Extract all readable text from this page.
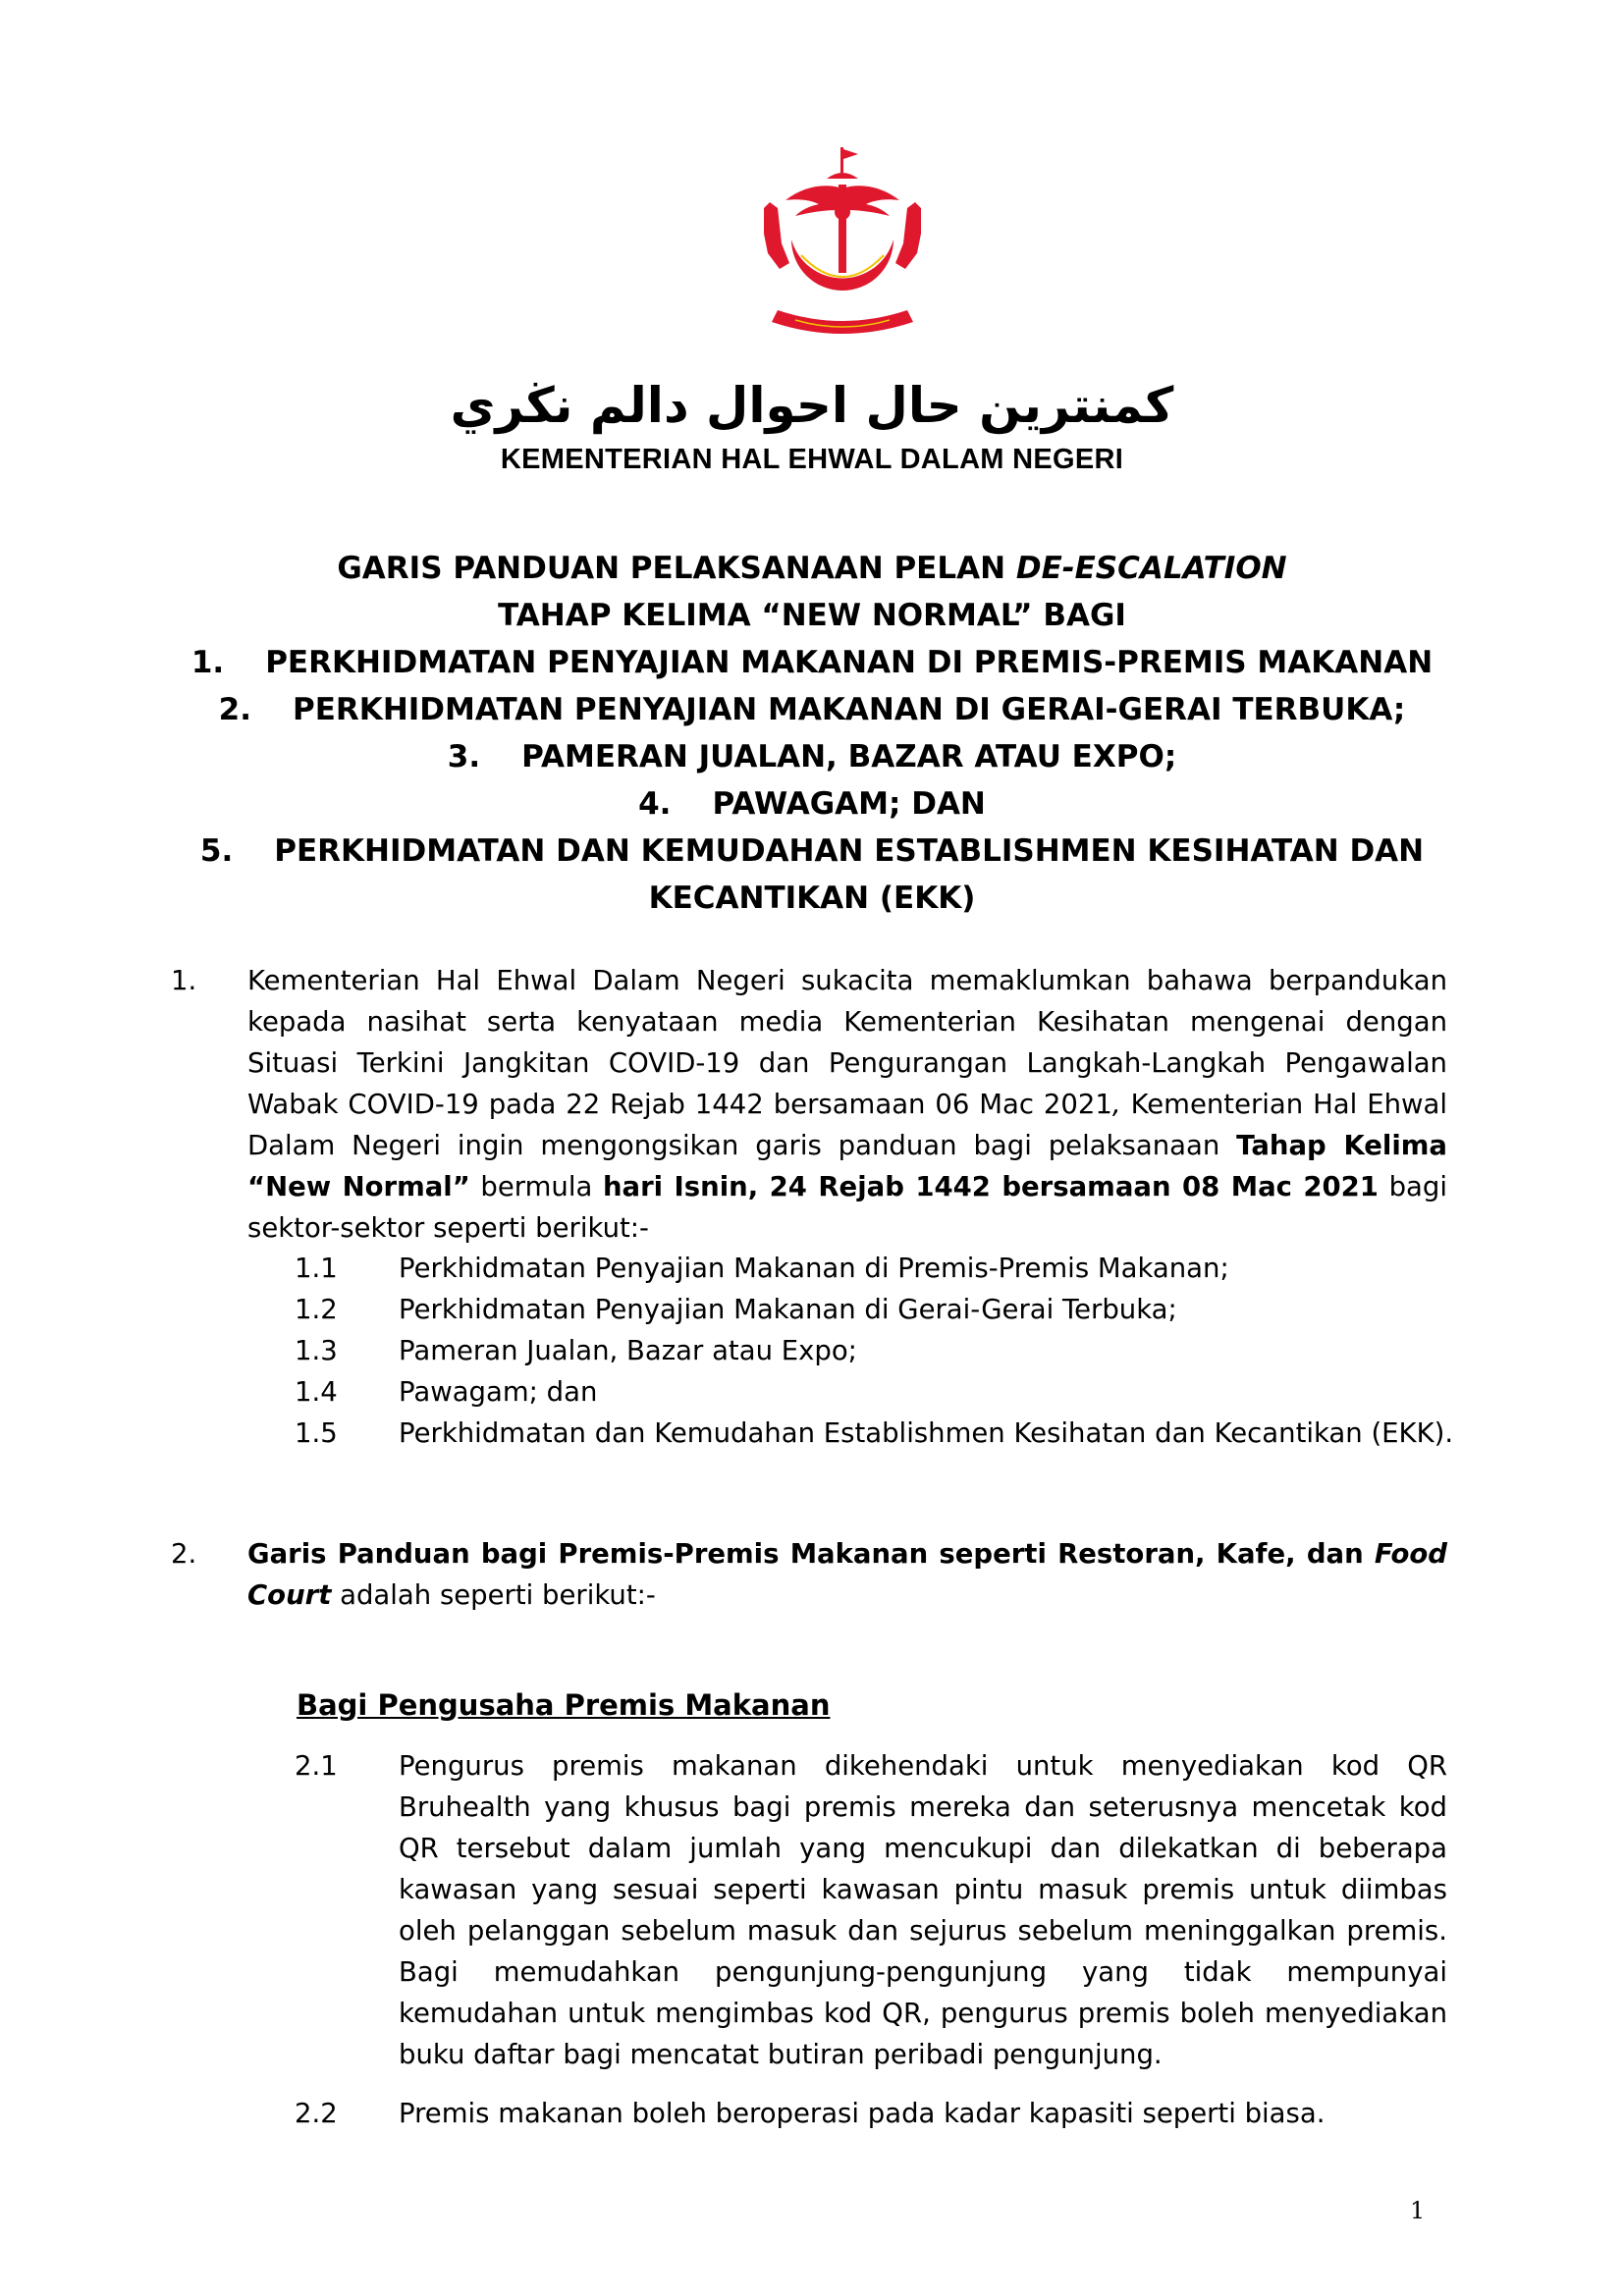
كمنترين حال احوال دالم نڬري
KEMENTERIAN HAL EHWAL DALAM NEGERI
GARIS PANDUAN PELAKSANAAN PELAN DE-ESCALATION
TAHAP KELIMA “NEW NORMAL” BAGI
1. PERKHIDMATAN PENYAJIAN MAKANAN DI PREMIS-PREMIS MAKANAN
2. PERKHIDMATAN PENYAJIAN MAKANAN DI GERAI-GERAI TERBUKA;
3. PAMERAN JUALAN, BAZAR ATAU EXPO;
4. PAWAGAM; DAN
5. PERKHIDMATAN DAN KEMUDAHAN ESTABLISHMEN KESIHATAN DAN
KECANTIKAN (EKK)
1. Kementerian Hal Ehwal Dalam Negeri sukacita memaklumkan bahawa berpandukan kepada nasihat serta kenyataan media Kementerian Kesihatan mengenai dengan Situasi Terkini Jangkitan COVID-19 dan Pengurangan Langkah-Langkah Pengawalan Wabak COVID-19 pada 22 Rejab 1442 bersamaan 06 Mac 2021, Kementerian Hal Ehwal Dalam Negeri ingin mengongsikan garis panduan bagi pelaksanaan Tahap Kelima “New Normal” bermula hari Isnin, 24 Rejab 1442 bersamaan 08 Mac 2021 bagi sektor-sektor seperti berikut:-
1.1	Perkhidmatan Penyajian Makanan di Premis-Premis Makanan;
1.2	Perkhidmatan Penyajian Makanan di Gerai-Gerai Terbuka;
1.3	Pameran Jualan, Bazar atau Expo;
1.4	Pawagam; dan
1.5	Perkhidmatan dan Kemudahan Establishmen Kesihatan dan Kecantikan (EKK).
2. Garis Panduan bagi Premis-Premis Makanan seperti Restoran, Kafe, dan Food Court adalah seperti berikut:-
Bagi Pengusaha Premis Makanan
2.1 Pengurus premis makanan dikehendaki untuk menyediakan kod QR Bruhealth yang khusus bagi premis mereka dan seterusnya mencetak kod QR tersebut dalam jumlah yang mencukupi dan dilekatkan di beberapa kawasan yang sesuai seperti kawasan pintu masuk premis untuk diimbas oleh pelanggan sebelum masuk dan sejurus sebelum meninggalkan premis. Bagi memudahkan pengunjung-pengunjung yang tidak mempunyai kemudahan untuk mengimbas kod QR, pengurus premis boleh menyediakan buku daftar bagi mencatat butiran peribadi pengunjung.
2.2 Premis makanan boleh beroperasi pada kadar kapasiti seperti biasa.
1
